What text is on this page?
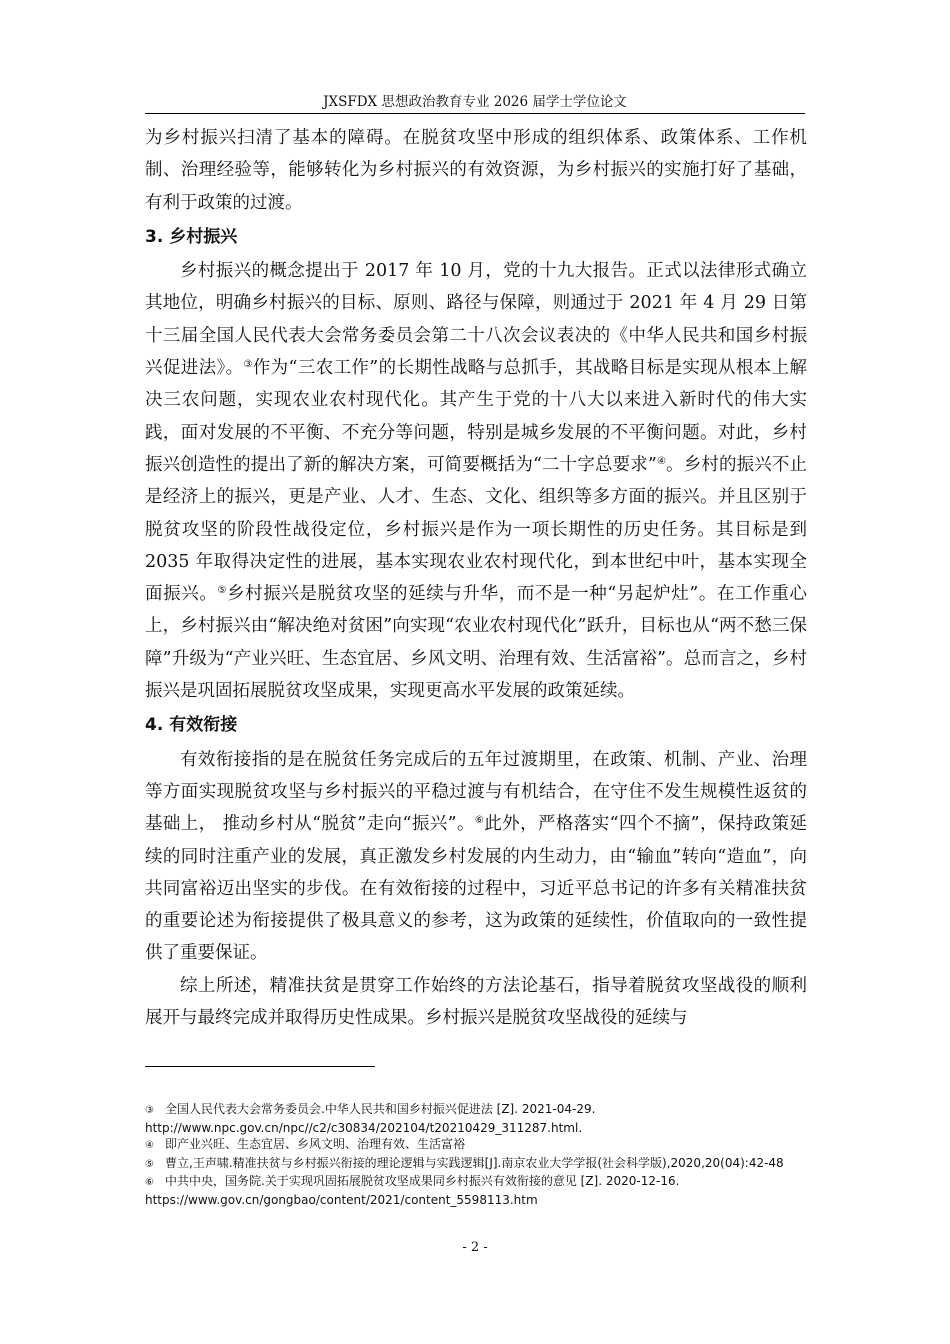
JXSFDX 思想政治教育专业 2026 届学士学位论文

为乡村振兴扫清了基本的障碍。在脱贫攻坚中形成的组织体系、政策体系、工作机制、治理经验等，能够转化为乡村振兴的有效资源，为乡村振兴的实施打好了基础，有利于政策的过渡。

3. 乡村振兴

乡村振兴的概念提出于 2017 年 10 月，党的十九大报告。正式以法律形式确立其地位，明确乡村振兴的目标、原则、路径与保障，则通过于 2021 年 4 月 29 日第十三届全国人民代表大会常务委员会第二十八次会议表决的《中华人民共和国乡村振兴促进法》。③作为“三农工作”的长期性战略与总抓手，其战略目标是实现从根本上解决三农问题，实现农业农村现代化。其产生于党的十八大以来进入新时代的伟大实践，面对发展的不平衡、不充分等问题，特别是城乡发展的不平衡问题。对此，乡村振兴创造性的提出了新的解决方案，可简要概括为“二十字总要求”④。乡村的振兴不止是经济上的振兴，更是产业、人才、生态、文化、组织等多方面的振兴。并且区别于脱贫攻坚的阶段性战役定位，乡村振兴是作为一项长期性的历史任务。其目标是到 2035 年取得决定性的进展，基本实现农业农村现代化，到本世纪中叶，基本实现全面振兴。⑤乡村振兴是脱贫攻坚的延续与升华，而不是一种“另起炉灶”。在工作重心上，乡村振兴由“解决绝对贫困”向实现“农业农村现代化”跃升，目标也从“两不愁三保障”升级为“产业兴旺、生态宜居、乡风文明、治理有效、生活富裕”。总而言之，乡村振兴是巩固拓展脱贫攻坚成果，实现更高水平发展的政策延续。

4. 有效衔接

有效衔接指的是在脱贫任务完成后的五年过渡期里，在政策、机制、产业、治理等方面实现脱贫攻坚与乡村振兴的平稳过渡与有机结合，在守住不发生规模性返贫的基础上， 推动乡村从“脱贫”走向“振兴”。⑥此外，严格落实“四个不摘”，保持政策延续的同时注重产业的发展，真正激发乡村发展的内生动力，由“输血”转向“造血”，向共同富裕迈出坚实的步伐。在有效衔接的过程中，习近平总书记的许多有关精准扶贫的重要论述为衔接提供了极具意义的参考，这为政策的延续性，价值取向的一致性提供了重要保证。

综上所述，精准扶贫是贯穿工作始终的方法论基石，指导着脱贫攻坚战役的顺利展开与最终完成并取得历史性成果。乡村振兴是脱贫攻坚战役的延续与

③ 全国人民代表大会常务委员会.中华人民共和国乡村振兴促进法 [Z]. 2021-04-29. http://www.npc.gov.cn/npc//c2/c30834/202104/t20210429_311287.html.

④ 即产业兴旺、生态宜居、乡风文明、治理有效、生活富裕

⑤ 曹立,王声啸.精准扶贫与乡村振兴衔接的理论逻辑与实践逻辑[J].南京农业大学学报(社会科学版),2020,20(04):42-48

⑥ 中共中央，国务院.关于实现巩固拓展脱贫攻坚成果同乡村振兴有效衔接的意见 [Z]. 2020-12-16. https://www.gov.cn/gongbao/content/2021/content_5598113.htm

- 2 -
